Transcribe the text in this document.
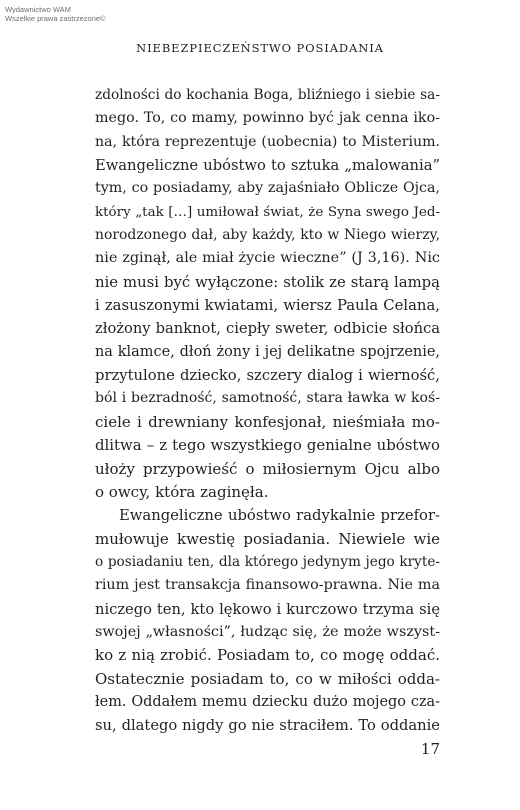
Wydawnictwo WAM
Wszelkie prawa zastrzeżone©
NIEBEZPIECZEŃSTWO POSIADANIA
zdolności do kochania Boga, bliźniego i siebie sa-
mego. To, co mamy, powinno być jak cenna iko-
na, która reprezentuje (uobecnia) to Misterium.
Ewangeliczne ubóstwo to sztuka „malowania”
tym, co posiadamy, aby zajaśniało Oblicze Ojca,
który „tak […] umiłował świat, że Syna swego Jed-
norodzonego dał, aby każdy, kto w Niego wierzy,
nie zginął, ale miał życie wieczne” (J 3,16). Nic
nie musi być wyłączone: stolik ze starą lampą
i zasuszonymi kwiatami, wiersz Paula Celana,
złożony banknot, ciepły sweter, odbicie słońca
na klamce, dłoń żony i jej delikatne spojrzenie,
przytulone dziecko, szczery dialog i wierność,
ból i bezradność, samotność, stara ławka w koś-
ciele i drewniany konfesjonał, nieśmiała mo-
dlitwa – z tego wszystkiego genialne ubóstwo
ułoży przypowieść o miłosiernym Ojcu albo
o owcy, która zaginęła.
Ewangeliczne ubóstwo radykalnie przefor-
mułowuje kwestię posiadania. Niewiele wie
o posiadaniu ten, dla którego jedynym jego kryte-
rium jest transakcja finansowo-prawna. Nie ma
niczego ten, kto lękowo i kurczowo trzyma się
swojej „własności”, łudząc się, że może wszyst-
ko z nią zrobić. Posiadam to, co mogę oddać.
Ostatecznie posiadam to, co w miłości odda-
łem. Oddałem memu dziecku dużo mojego cza-
su, dlatego nigdy go nie straciłem. To oddanie
17
